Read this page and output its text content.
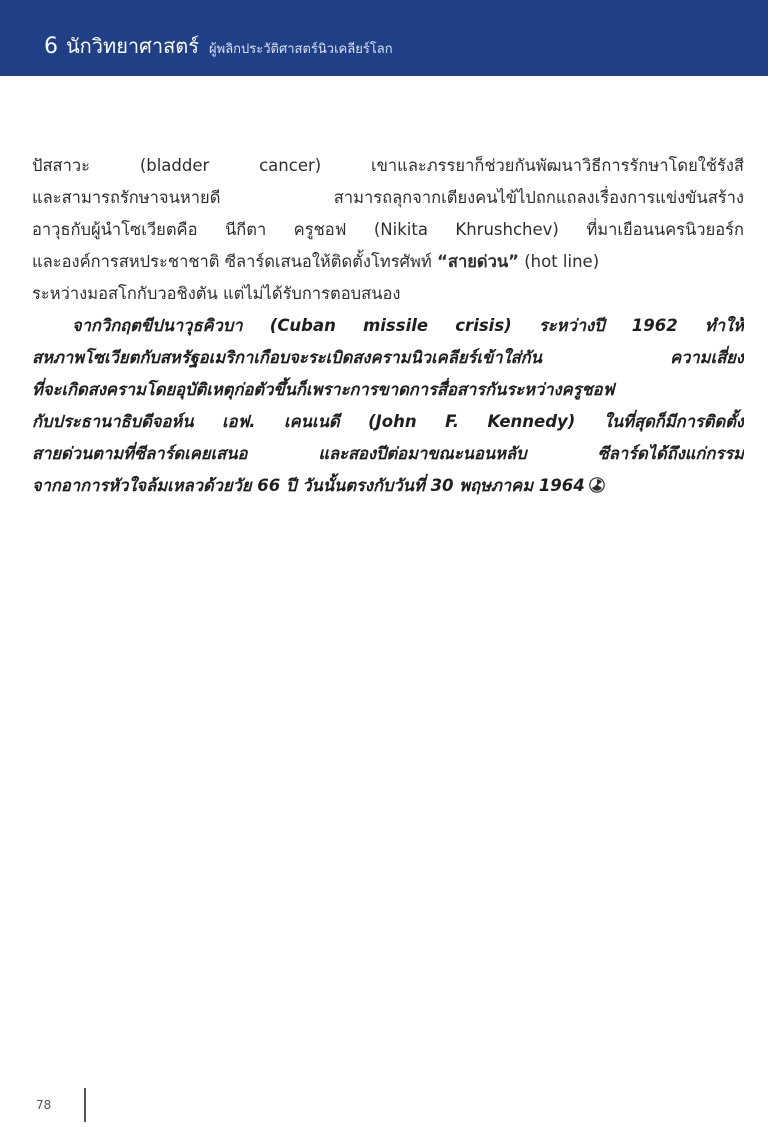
6 นักวิทยาศาสตร์ ผู้พลิกประวัติศาสตร์นิวเคลียร์โลก

ปัสสาวะ (bladder cancer) เขาและภรรยาก็ช่วยกันพัฒนาวิธีการรักษาโดยใช้รังสี
และสามารถรักษาจนหายดี สามารถลุกจากเตียงคนไข้ไปถกแถลงเรื่องการแข่งขันสร้าง
อาวุธกับผู้นำโซเวียตคือ นีกีตา ครูชอฟ (Nikita Khrushchev) ที่มาเยือนนครนิวยอร์ก
และองค์การสหประชาชาติ ซีลาร์ดเสนอให้ติดตั้งโทรศัพท์ “สายด่วน” (hot line)
ระหว่างมอสโกกับวอชิงตัน แต่ไม่ได้รับการตอบสนอง

จากวิกฤตขีปนาวุธคิวบา (Cuban missile crisis) ระหว่างปี 1962 ทำให้
สหภาพโซเวียตกับสหรัฐอเมริกาเกือบจะระเบิดสงครามนิวเคลียร์เข้าใส่กัน ความเสี่ยง
ที่จะเกิดสงครามโดยอุบัติเหตุก่อตัวขึ้นก็เพราะการขาดการสื่อสารกันระหว่างครูชอฟ
กับประธานาธิบดีจอห์น เอฟ. เคนเนดี (John F. Kennedy) ในที่สุดก็มีการติดตั้ง
สายด่วนตามที่ซีลาร์ดเคยเสนอ และสองปีต่อมาขณะนอนหลับ ซีลาร์ดได้ถึงแก่กรรม
จากอาการหัวใจล้มเหลวด้วยวัย 66 ปี วันนั้นตรงกับวันที่ 30 พฤษภาคม 1964

78
